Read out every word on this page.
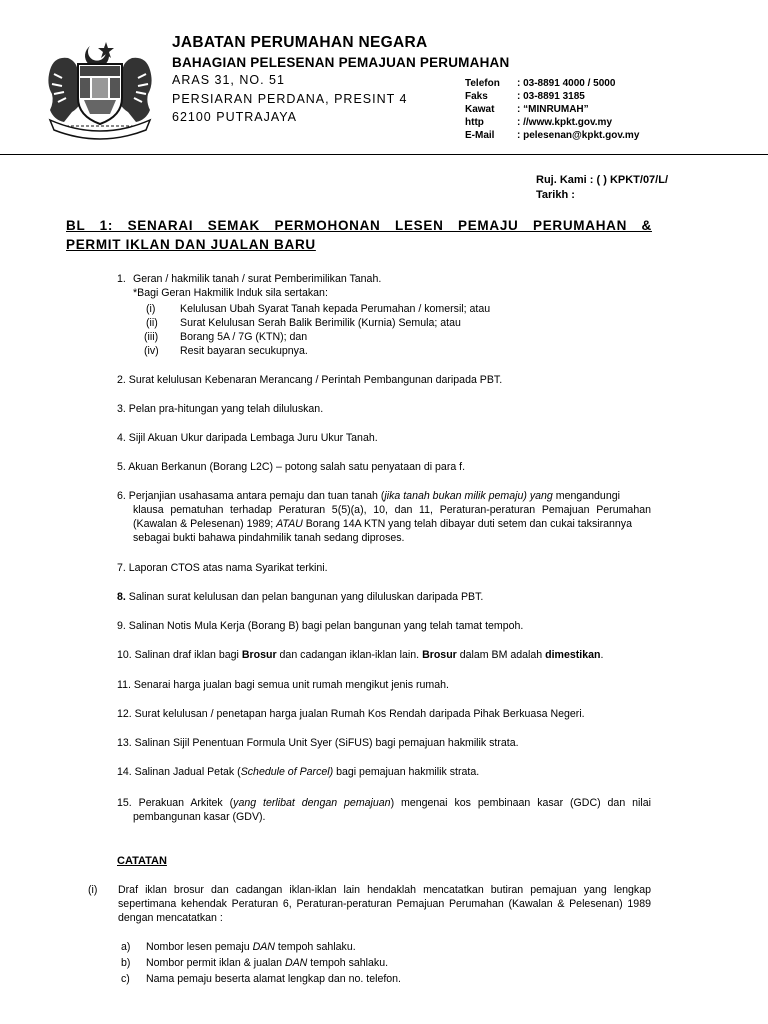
JABATAN PERUMAHAN NEGARA
BAHAGIAN PELESENAN PEMAJUAN PERUMAHAN
ARAS 31, NO. 51
PERSIARAN PERDANA, PRESINT 4
62100 PUTRAJAYA
Telefon	: 03-8891 4000 / 5000
Faks	: 03-8891 3185
Kawat	: “MINRUMAH”
http	: //www.kpkt.gov.my
E-Mail	: pelesenan@kpkt.gov.my
Ruj. Kami : ( ) KPKT/07/L/
Tarikh :
BL 1: SENARAI SEMAK PERMOHONAN LESEN PEMAJU PERUMAHAN &
PERMIT IKLAN DAN JUALAN BARU
1. Geran / hakmilik tanah / surat Pemberimilikan Tanah.
*Bagi Geran Hakmilik Induk sila sertakan:
(i) Kelulusan Ubah Syarat Tanah kepada Perumahan / komersil; atau
(ii) Surat Kelulusan Serah Balik Berimilik (Kurnia) Semula; atau
(iii) Borang 5A / 7G (KTN); dan
(iv) Resit bayaran secukupnya.
2. Surat kelulusan Kebenaran Merancang / Perintah Pembangunan daripada PBT.
3. Pelan pra-hitungan yang telah diluluskan.
4. Sijil Akuan Ukur daripada Lembaga Juru Ukur Tanah.
5. Akuan Berkanun (Borang L2C) – potong salah satu penyataan di para f.
6. Perjanjian usahasama antara pemaju dan tuan tanah (jika tanah bukan milik pemaju) yang mengandungi
klausa pematuhan terhadap Peraturan 5(5)(a), 10, dan 11, Peraturan-peraturan Pemajuan Perumahan
(Kawalan & Pelesenan) 1989; ATAU Borang 14A KTN yang telah dibayar duti setem dan cukai taksirannya
sebagai bukti bahawa pindahmilik tanah sedang diproses.
7. Laporan CTOS atas nama Syarikat terkini.
8. Salinan surat kelulusan dan pelan bangunan yang diluluskan daripada PBT.
9. Salinan Notis Mula Kerja (Borang B) bagi pelan bangunan yang telah tamat tempoh.
10. Salinan draf iklan bagi Brosur dan cadangan iklan-iklan lain. Brosur dalam BM adalah dimestikan.
11. Senarai harga jualan bagi semua unit rumah mengikut jenis rumah.
12. Surat kelulusan / penetapan harga jualan Rumah Kos Rendah daripada Pihak Berkuasa Negeri.
13. Salinan Sijil Penentuan Formula Unit Syer (SiFUS) bagi pemajuan hakmilik strata.
14. Salinan Jadual Petak (Schedule of Parcel) bagi pemajuan hakmilik strata.
15. Perakuan Arkitek (yang terlibat dengan pemajuan) mengenai kos pembinaan kasar (GDC) dan nilai
pembangunan kasar (GDV).
CATATAN
(i) Draf iklan brosur dan cadangan iklan-iklan lain hendaklah mencatatkan butiran pemajuan yang lengkap
sepertimana kehendak Peraturan 6, Peraturan-peraturan Pemajuan Perumahan (Kawalan & Pelesenan) 1989
dengan mencatatkan :
a) Nombor lesen pemaju DAN tempoh sahlaku.
b) Nombor permit iklan & jualan DAN tempoh sahlaku.
c) Nama pemaju beserta alamat lengkap dan no. telefon.
